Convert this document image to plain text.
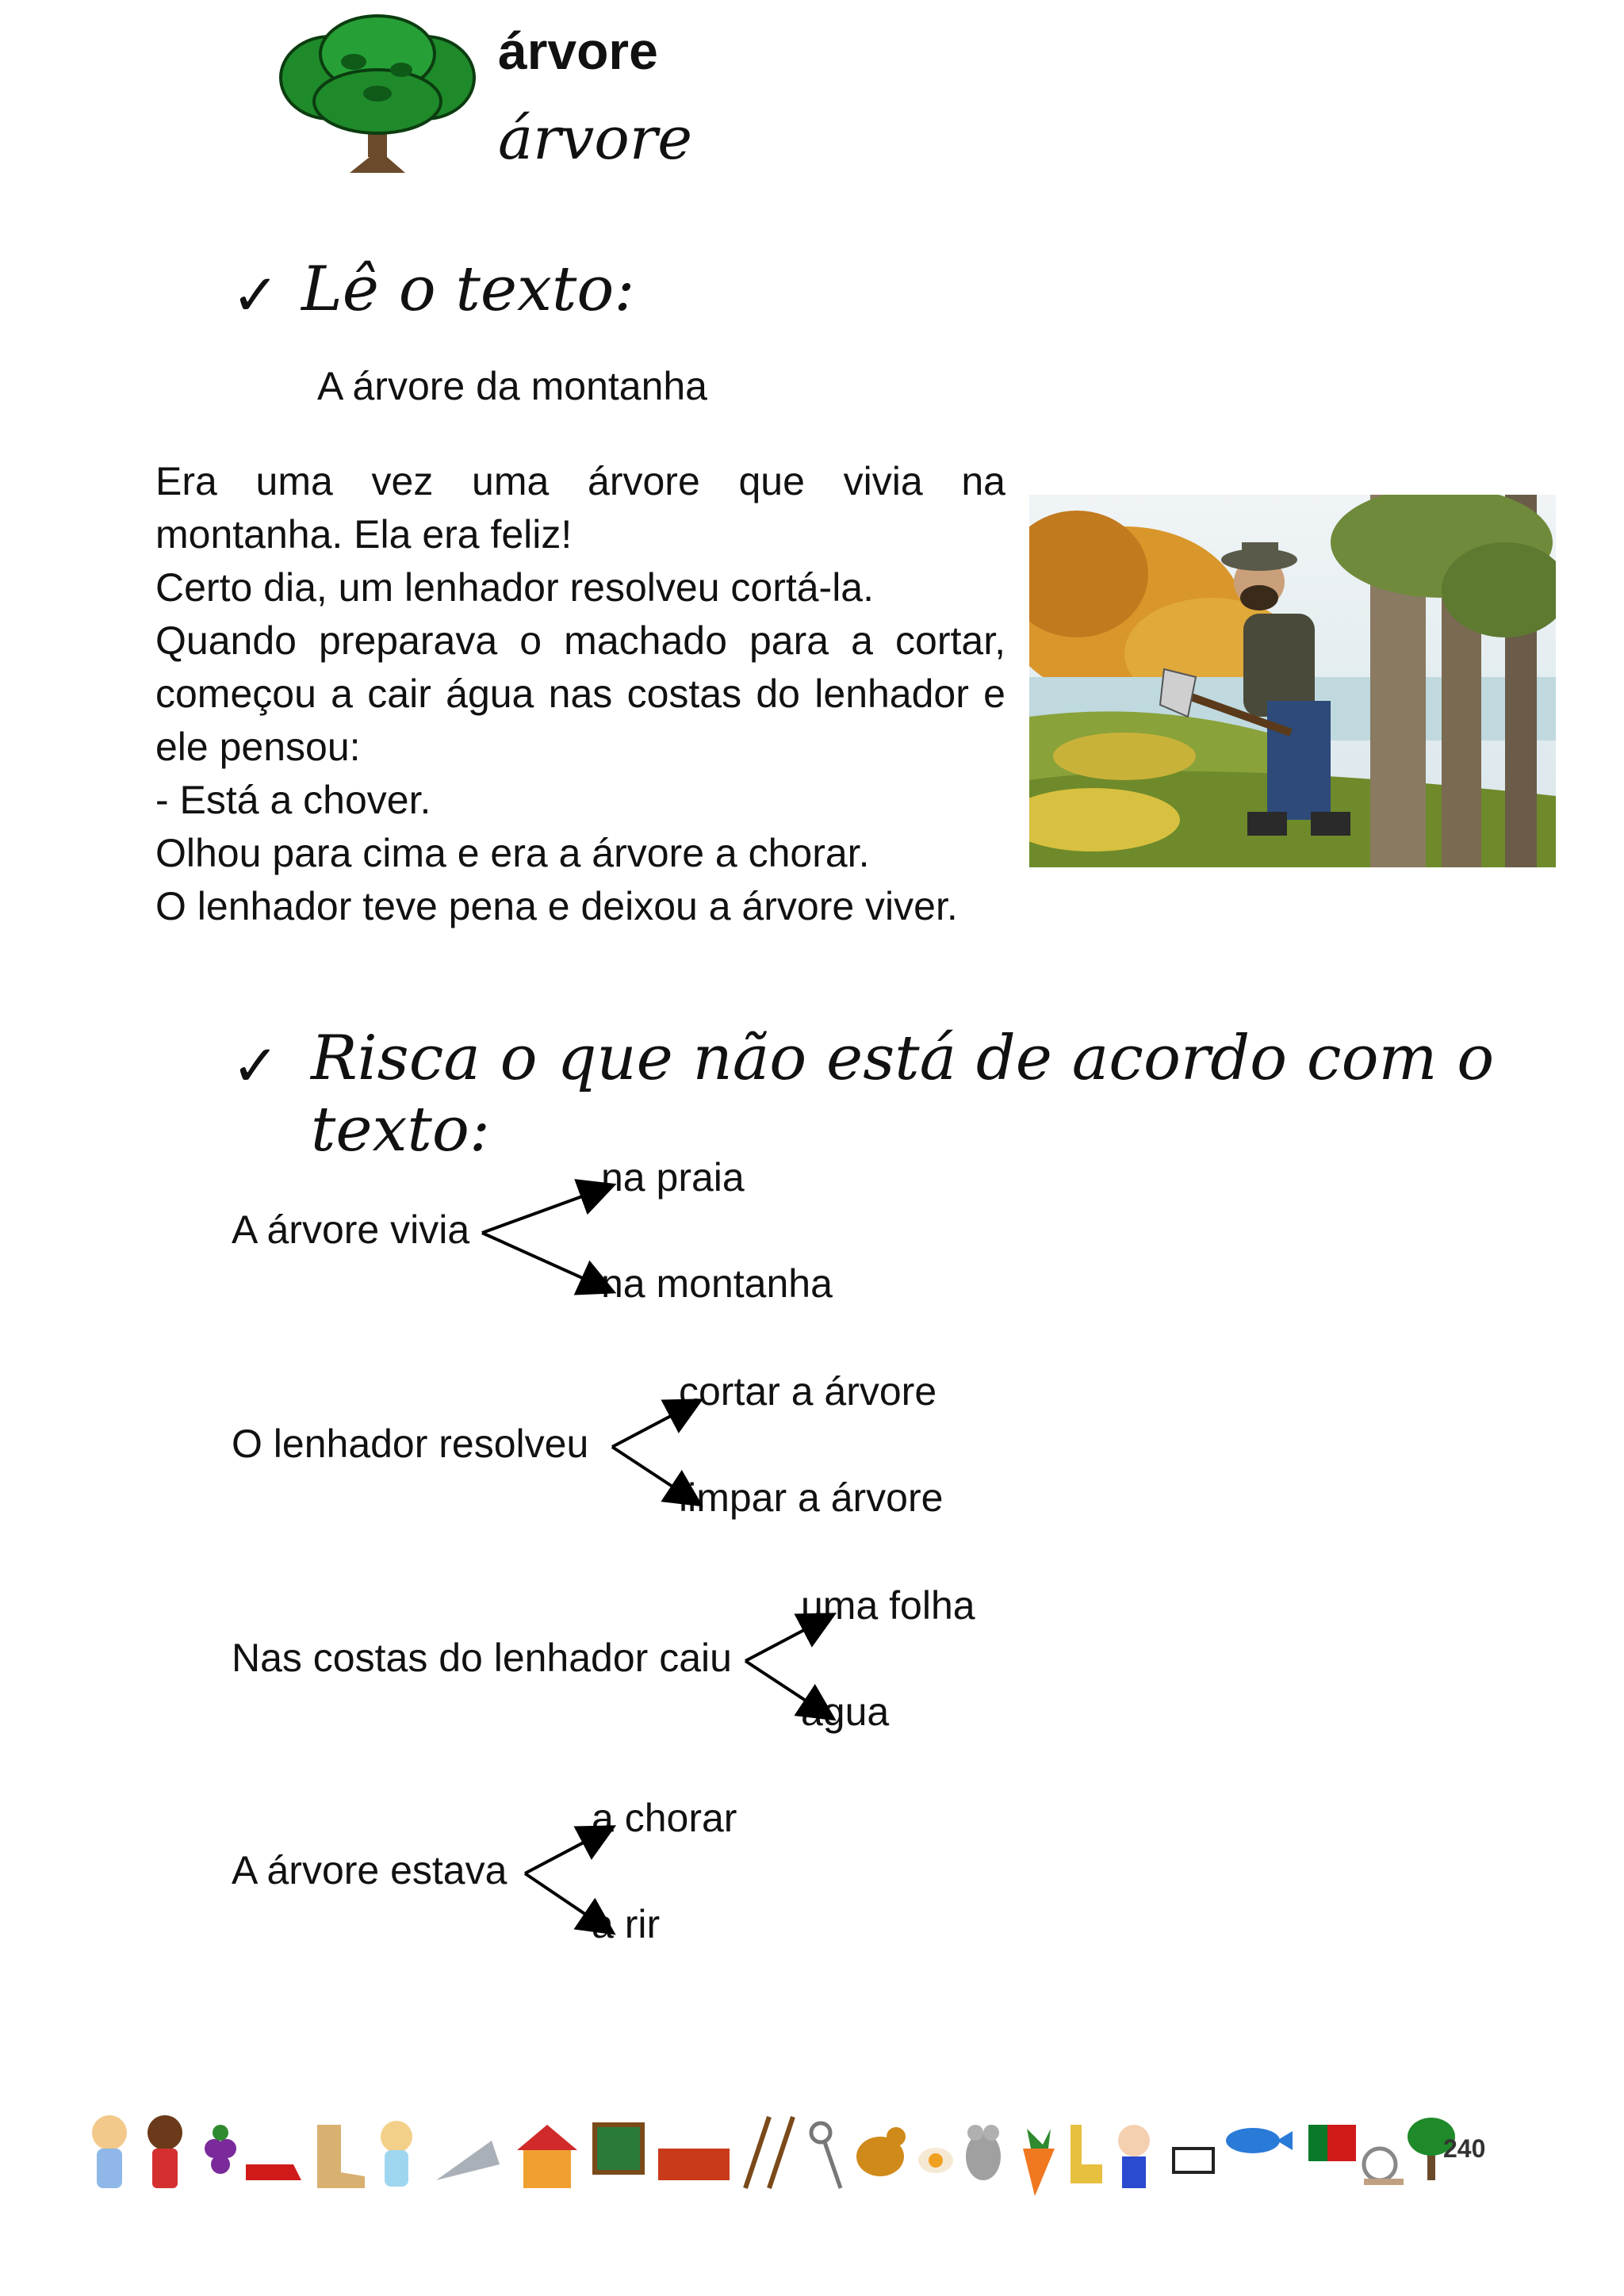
árvore
árvore
✓ Lê o texto:
A árvore da montanha

Era uma vez uma árvore que vivia na

montanha. Ela era feliz!

Certo dia, um lenhador resolveu cortá-la.

Quando preparava o machado para a cortar,

começou a cair água nas costas do lenhador e

ele pensou:

- Está a chover.

Olhou para cima e era a árvore a chorar.

O lenhador teve pena e deixou a árvore viver.

✓ Risca o que não está de acordo com o texto:
A árvore vivia
na praia
na montanha
O lenhador resolveu
cortar a árvore
limpar a árvore
Nas costas do lenhador caiu
uma folha
água
A árvore estava
a chorar
a rir
240
